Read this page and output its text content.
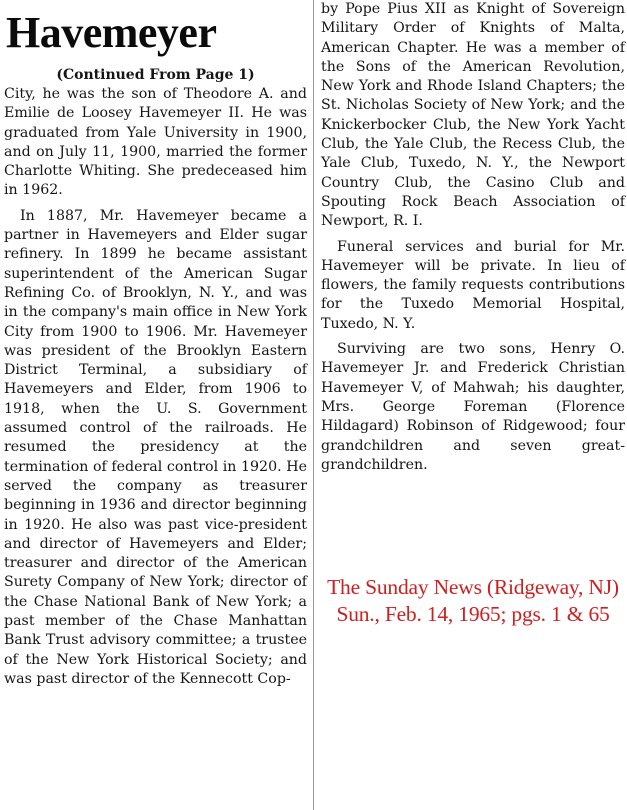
Havemeyer
(Continued From Page 1)

City, he was the son of Theodore A. and Emilie de Loosey Havemeyer II. He was graduated from Yale University in 1900, and on July 11, 1900, married the former Charlotte Whiting. She predeceased him in 1962.

In 1887, Mr. Havemeyer became a partner in Havemeyers and Elder sugar refinery. In 1899 he became assistant superintendent of the American Sugar Refining Co. of Brooklyn, N. Y., and was in the company's main office in New York City from 1900 to 1906. Mr. Havemeyer was president of the Brooklyn Eastern District Terminal, a subsidiary of Havemeyers and Elder, from 1906 to 1918, when the U. S. Government assumed control of the railroads. He resumed the presidency at the termination of federal control in 1920. He served the company as treasurer beginning in 1936 and director beginning in 1920. He also was past vice-president and director of Havemeyers and Elder; treasurer and director of the American Surety Company of New York; director of the Chase National Bank of New York; a past member of the Chase Manhattan Bank Trust advisory committee; a trustee of the New York Historical Society; and was past director of the Kennecott Cop-

by Pope Pius XII as Knight of Sovereign Military Order of Knights of Malta, American Chapter. He was a member of the Sons of the American Revolution, New York and Rhode Island Chapters; the St. Nicholas Society of New York; and the Knickerbocker Club, the New York Yacht Club, the Yale Club, the Recess Club, the Yale Club, Tuxedo, N. Y., the Newport Country Club, the Casino Club and Spouting Rock Beach Association of Newport, R. I.

Funeral services and burial for Mr. Havemeyer will be private. In lieu of flowers, the family requests contributions for the Tuxedo Memorial Hospital, Tuxedo, N. Y.

Surviving are two sons, Henry O. Havemeyer Jr. and Frederick Christian Havemeyer V, of Mahwah; his daughter, Mrs. George Foreman (Florence Hildagard) Robinson of Ridgewood; four grandchildren and seven great-grandchildren.

The Sunday News (Ridgeway, NJ)
Sun., Feb. 14, 1965; pgs. 1 & 65
